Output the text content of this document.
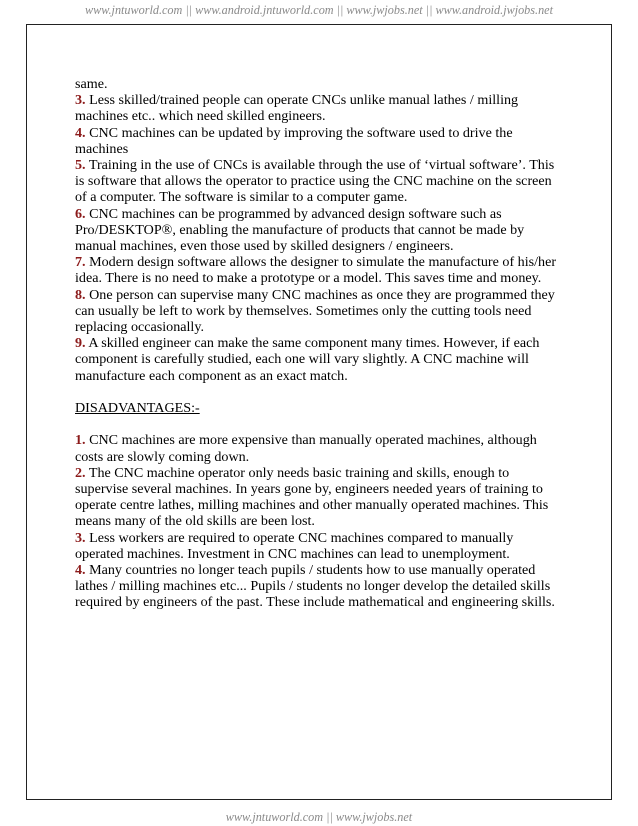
www.jntuworld.com || www.android.jntuworld.com || www.jwjobs.net || www.android.jwjobs.net

same.

3. Less skilled/trained people can operate CNCs unlike manual lathes / milling

machines etc.. which need skilled engineers.

4. CNC machines can be updated by improving the software used to drive the

machines

5. Training in the use of CNCs is available through the use of ‘virtual software’. This

is software that allows the operator to practice using the CNC machine on the screen

of a computer. The software is similar to a computer game.

6. CNC machines can be programmed by advanced design software such as

Pro/DESKTOP®, enabling the manufacture of products that cannot be made by

manual machines, even those used by skilled designers / engineers.

7. Modern design software allows the designer to simulate the manufacture of his/her

idea. There is no need to make a prototype or a model. This saves time and money.

8. One person can supervise many CNC machines as once they are programmed they

can usually be left to work by themselves. Sometimes only the cutting tools need

replacing occasionally.

9. A skilled engineer can make the same component many times. However, if each

component is carefully studied, each one will vary slightly. A CNC machine will

manufacture each component as an exact match.

DISADVANTAGES:-

1. CNC machines are more expensive than manually operated machines, although

costs are slowly coming down.

2. The CNC machine operator only needs basic training and skills, enough to

supervise several machines. In years gone by, engineers needed years of training to

operate centre lathes, milling machines and other manually operated machines. This

means many of the old skills are been lost.

3. Less workers are required to operate CNC machines compared to manually

operated machines. Investment in CNC machines can lead to unemployment.

4. Many countries no longer teach pupils / students how to use manually operated

lathes / milling machines etc... Pupils / students no longer develop the detailed skills

required by engineers of the past. These include mathematical and engineering skills.

www.jntuworld.com || www.jwjobs.net
